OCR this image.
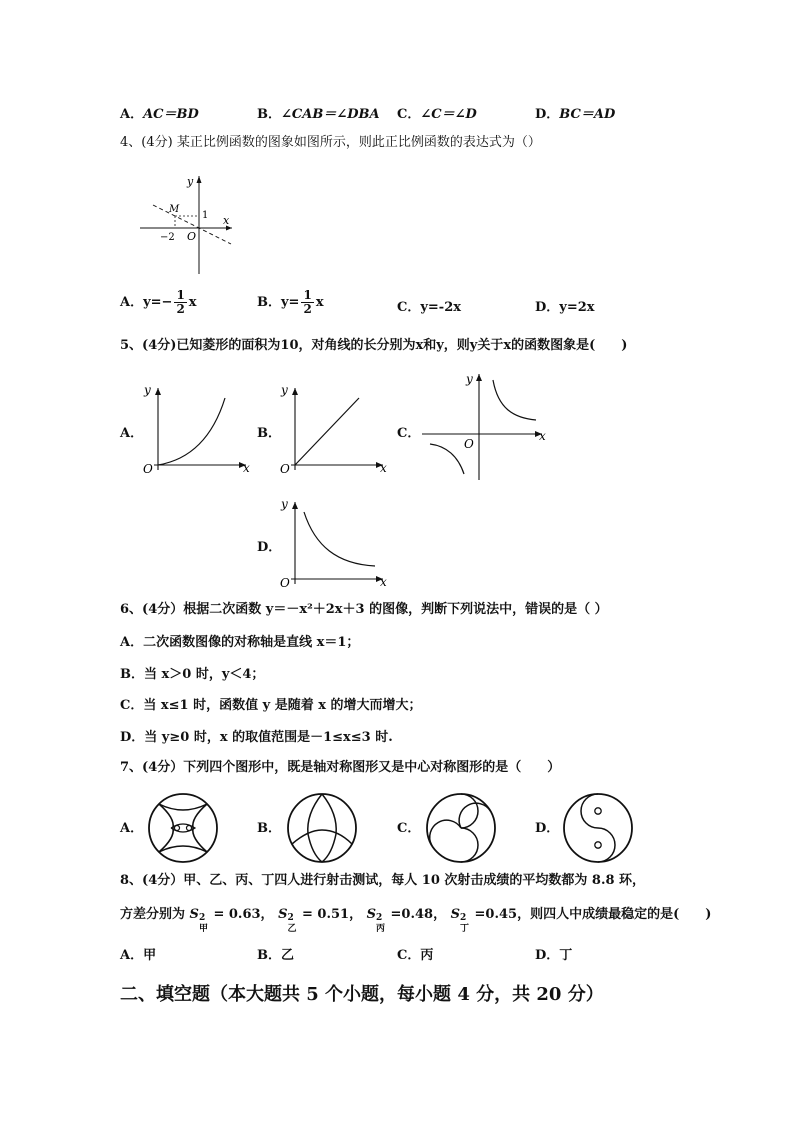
A．AC＝BD	B．∠CAB＝∠DBA C．∠C＝∠D	D．BC＝AD
4、(4分) 某正比例函数的图象如图所示，则此正比例函数的表达式为（）
y
x
M
1
O
−2
A．$y=- \frac{1}{2}$ x	B．$y= \frac{1}{2}$ x	C．y=-2x	D．y=2x
5、(4分)已知菱形的面积为10，对角线的长分别为x和y，则y关于x的函数图象是(　　)
A．
y
x
O
B．
y
x
O
C．
y
x
O
D．
y
x
O
6、(4分）根据二次函数 y＝－x²＋2x＋3 的图像，判断下列说法中，错误的是（ ）
A．二次函数图像的对称轴是直线 x＝1；
B．当 x＞0 时，y＜4；
C．当 x≤1 时，函数值 y 是随着 x 的增大而增大；
D．当 y≥0 时，x 的取值范围是－1≤x≤3 时.
7、(4分）下列四个图形中，既是轴对称图形又是中心对称图形的是（　　）
A．	B．	C．	D．
8、(4分）甲、乙、丙、丁四人进行射击测试，每人 10 次射击成绩的平均数都为 8.8 环，
方差分别为 S 2
甲
= 0.63， S 2
乙
= 0.51， S 2
丙
=0.48， S 2
丁
=0.45，则四人中成绩最稳定的是(　　)
A．甲	B．乙	C．丙	D．丁
二、填空题（本大题共 5 个小题，每小题 4 分，共 20 分）
